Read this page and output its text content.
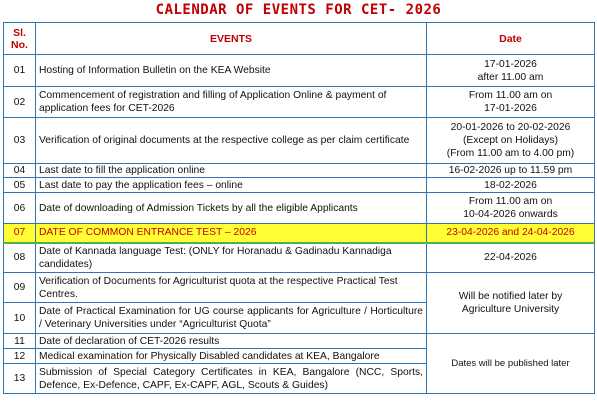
CALENDAR OF EVENTS FOR CET- 2026
Sl.
No.	EVENTS	Date
01	Hosting of Information Bulletin on the KEA Website	17-01-2026
after 11.00 am

02	Commencement of registration and filling of Application Online & payment of application fees for CET-2026	From 11.00 am on
17-01-2026

03	Verification of original documents at the respective college as per claim certificate	20-01-2026 to 20-02-2026
(Except on Holidays)
(From 11.00 am to 4.00 pm)

04	Last date to fill the application online	16-02-2026 up to 11.59 pm
05	Last date to pay the application fees – online	18-02-2026
06	Date of downloading of Admission Tickets by all the eligible Applicants	From 11.00 am on
10-04-2026 onwards

07	DATE OF COMMON ENTRANCE TEST – 2026	23-04-2026 and 24-04-2026
08	Date of Kannada language Test: (ONLY for Horanadu & Gadinadu Kannadiga candidates)	22-04-2026
09	Verification of Documents for Agriculturist quota at the respective Practical Test Centres.	Will be notified later by
Agriculture University

10	Date of Practical Examination for UG course applicants for Agriculture / Horticulture / Veterinary Universities under “Agriculturist Quota”	
11	Date of declaration of CET-2026 results	Dates will be published later
12	Medical examination for Physically Disabled candidates at KEA, Bangalore	
13	Submission of Special Category Certificates in KEA, Bangalore (NCC, Sports, Defence, Ex-Defence, CAPF, Ex-CAPF, AGL, Scouts & Guides)	
